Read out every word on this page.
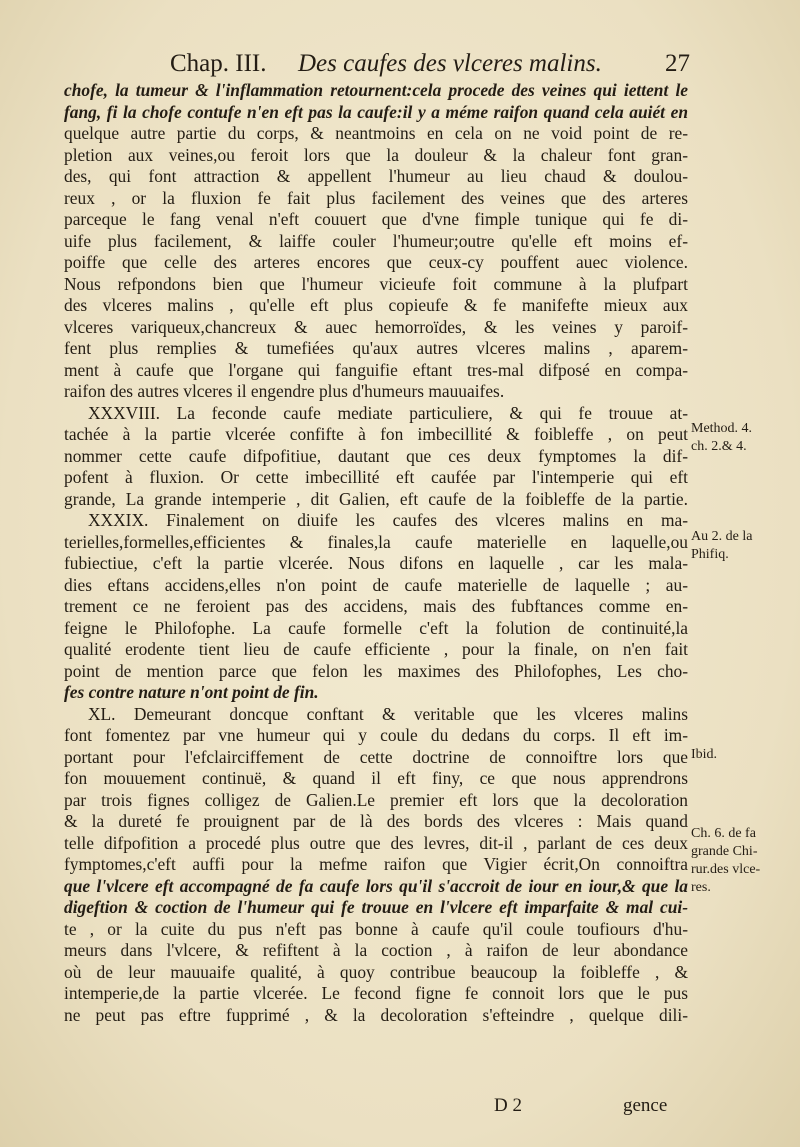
Chap. III. Des caufes des vlceres malins.	27
chofe, la tumeur & l'inflammation retournent:cela procede des veines qui iettent le
fang, fi la chofe contufe n'en eft pas la caufe:il y a méme raifon quand cela auiét en
quelque autre partie du corps, & neantmoins en cela on ne void point de re-
pletion aux veines,ou feroit lors que la douleur & la chaleur font gran-
des, qui font attraction & appellent l'humeur au lieu chaud & doulou-
reux , or la fluxion fe fait plus facilement des veines que des arteres
parceque le fang venal n'eft couuert que d'vne fimple tunique qui fe di-
uife plus facilement, & laiffe couler l'humeur;outre qu'elle eft moins ef-
poiffe que celle des arteres encores que ceux-cy pouffent auec violence.
Nous refpondons bien que l'humeur vicieufe foit commune à la plufpart
des vlceres malins , qu'elle eft plus copieufe & fe manifefte mieux aux
vlceres variqueux,chancreux & auec hemorroïdes, & les veines y paroif-
fent plus remplies & tumefiées qu'aux autres vlceres malins , aparem-
ment à caufe que l'organe qui fanguifie eftant tres-mal difposé en compa-
raifon des autres vlceres il engendre plus d'humeurs mauuaifes.
XXXVIII. La feconde caufe mediate particuliere, & qui fe trouue at-
tachée à la partie vlcerée confifte à fon imbecillité & foibleffe , on peut
nommer cette caufe difpofitiue, dautant que ces deux fymptomes la dif-
pofent à fluxion. Or cette imbecillité eft caufée par l'intemperie qui eft
grande, La grande intemperie , dit Galien, eft caufe de la foibleffe de la partie.
XXXIX. Finalement on diuife les caufes des vlceres malins en ma-
terielles,formelles,efficientes & finales,la caufe materielle en laquelle,ou
fubiectiue, c'eft la partie vlcerée. Nous difons en laquelle , car les mala-
dies eftans accidens,elles n'on point de caufe materielle de laquelle ; au-
trement ce ne feroient pas des accidens, mais des fubftances comme en-
feigne le Philofophe. La caufe formelle c'eft la folution de continuité,la
qualité erodente tient lieu de caufe efficiente , pour la finale, on n'en fait
point de mention parce que felon les maximes des Philofophes, Les cho-
fes contre nature n'ont point de fin.
XL. Demeurant doncque conftant & veritable que les vlceres malins
font fomentez par vne humeur qui y coule du dedans du corps. Il eft im-
portant pour l'efclairciffement de cette doctrine de connoiftre lors que
fon mouuement continuë, & quand il eft finy, ce que nous apprendrons
par trois fignes colligez de Galien.Le premier eft lors que la decoloration
& la dureté fe prouignent par de là des bords des vlceres : Mais quand
telle difpofition a procedé plus outre que des levres, dit-il , parlant de ces deux
fymptomes,c'eft auffi pour la mefme raifon que Vigier écrit,On connoiftra
que l'vlcere eft accompagné de fa caufe lors qu'il s'accroit de iour en iour,& que la
digeftion & coction de l'humeur qui fe trouue en l'vlcere eft imparfaite & mal cui-
te , or la cuite du pus n'eft pas bonne à caufe qu'il coule toufiours d'hu-
meurs dans l'vlcere, & refiftent à la coction , à raifon de leur abondance
où de leur mauuaife qualité, à quoy contribue beaucoup la foibleffe , &
intemperie,de la partie vlcerée. Le fecond figne fe connoit lors que le pus
ne peut pas eftre fupprimé , & la decoloration s'efteindre , quelque dili-
Method. 4.
ch. 2.& 4.
Au 2. de la
Phifiq.
Ibid.
Ch. 6. de fa
grande Chi-
rur.des vlce-
res.
D 2	gence
